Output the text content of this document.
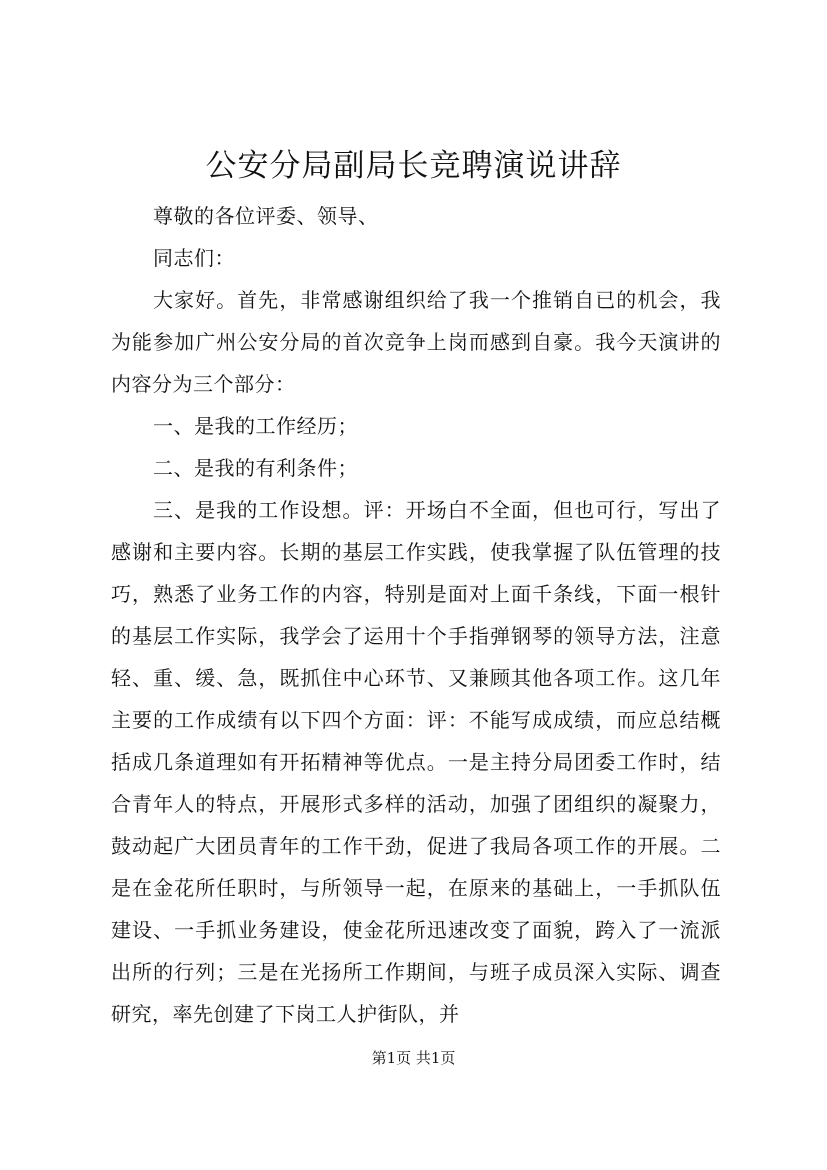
公安分局副局长竞聘演说讲辞

尊敬的各位评委、领导、

同志们：

大家好。首先，非常感谢组织给了我一个推销自已的机会，我为能参加广州公安分局的首次竞争上岗而感到自豪。我今天演讲的内容分为三个部分：

一、是我的工作经历；

二、是我的有利条件；

三、是我的工作设想。评：开场白不全面，但也可行，写出了感谢和主要内容。长期的基层工作实践，使我掌握了队伍管理的技巧，熟悉了业务工作的内容，特别是面对上面千条线，下面一根针的基层工作实际，我学会了运用十个手指弹钢琴的领导方法，注意轻、重、缓、急，既抓住中心环节、又兼顾其他各项工作。这几年主要的工作成绩有以下四个方面：评：不能写成成绩，而应总结概括成几条道理如有开拓精神等优点。一是主持分局团委工作时，结合青年人的特点，开展形式多样的活动，加强了团组织的凝聚力，鼓动起广大团员青年的工作干劲，促进了我局各项工作的开展。二是在金花所任职时，与所领导一起，在原来的基础上，一手抓队伍建设、一手抓业务建设，使金花所迅速改变了面貌，跨入了一流派出所的行列；三是在光扬所工作期间，与班子成员深入实际、调查研究，率先创建了下岗工人护街队，并

第1页 共1页
